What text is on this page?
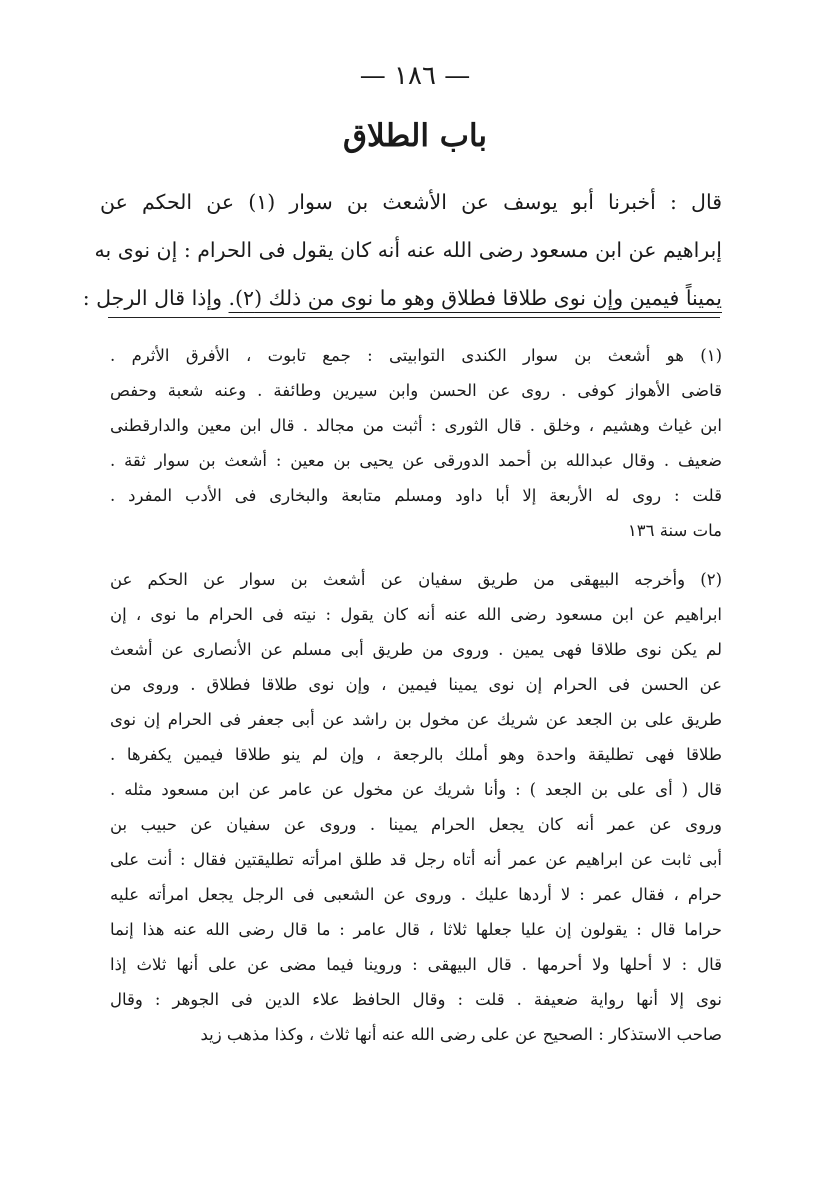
— ١٨٦ —
باب الطلاق
قال : أخبرنا أبو يوسف عن الأشعث بن سوار (١) عن الحكم عن
إبراهيم عن ابن مسعود رضى الله عنه أنه كان يقول فى الحرام : إن نوى به
يميناً فيمين وإن نوى طلاقا فطلاق وهو ما نوى من ذلك (٢). وإذا قال الرجل :
(١) هو أشعث بن سوار الكندى التوابيتى : جمع تابوت ، الأفرق الأثرم .
قاضى الأهواز كوفى . روى عن الحسن وابن سيرين وطائفة . وعنه شعبة وحفص
ابن غياث وهشيم ، وخلق . قال الثورى : أثبت من مجالد . قال ابن معين والدارقطنى
ضعيف . وقال عبدالله بن أحمد الدورقى عن يحيى بن معين : أشعث بن سوار ثقة .
قلت : روى له الأربعة إلا أبا داود ومسلم متابعة والبخارى فى الأدب المفرد .
مات سنة ١٣٦
(٢) وأخرجه البيهقى من طريق سفيان عن أشعث بن سوار عن الحكم عن
ابراهيم عن ابن مسعود رضى الله عنه أنه كان يقول : نيته فى الحرام ما نوى ، إن
لم يكن نوى طلاقا فهى يمين . وروى من طريق أبى مسلم عن الأنصارى عن أشعث
عن الحسن فى الحرام إن نوى يمينا فيمين ، وإن نوى طلاقا فطلاق . وروى من
طريق على بن الجعد عن شريك عن مخول بن راشد عن أبى جعفر فى الحرام إن نوى
طلاقا فهى تطليقة واحدة وهو أملك بالرجعة ، وإن لم ينو طلاقا فيمين يكفرها .
قال ( أى على بن الجعد ) : وأنا شريك عن مخول عن عامر عن ابن مسعود مثله .
وروى عن عمر أنه كان يجعل الحرام يمينا . وروى عن سفيان عن حبيب بن
أبى ثابت عن ابراهيم عن عمر أنه أتاه رجل قد طلق امرأته تطليقتين فقال : أنت على
حرام ، فقال عمر : لا أردها عليك . وروى عن الشعبى فى الرجل يجعل امرأته عليه
حراما قال : يقولون إن عليا جعلها ثلاثا ، قال عامر : ما قال رضى الله عنه هذا إنما
قال : لا أحلها ولا أحرمها . قال البيهقى : وروينا فيما مضى عن على أنها ثلاث إذا
نوى إلا أنها رواية ضعيفة . قلت : وقال الحافظ علاء الدين فى الجوهر : وقال
صاحب الاستذكار : الصحيح عن على رضى الله عنه أنها ثلاث ، وكذا مذهب زيد
